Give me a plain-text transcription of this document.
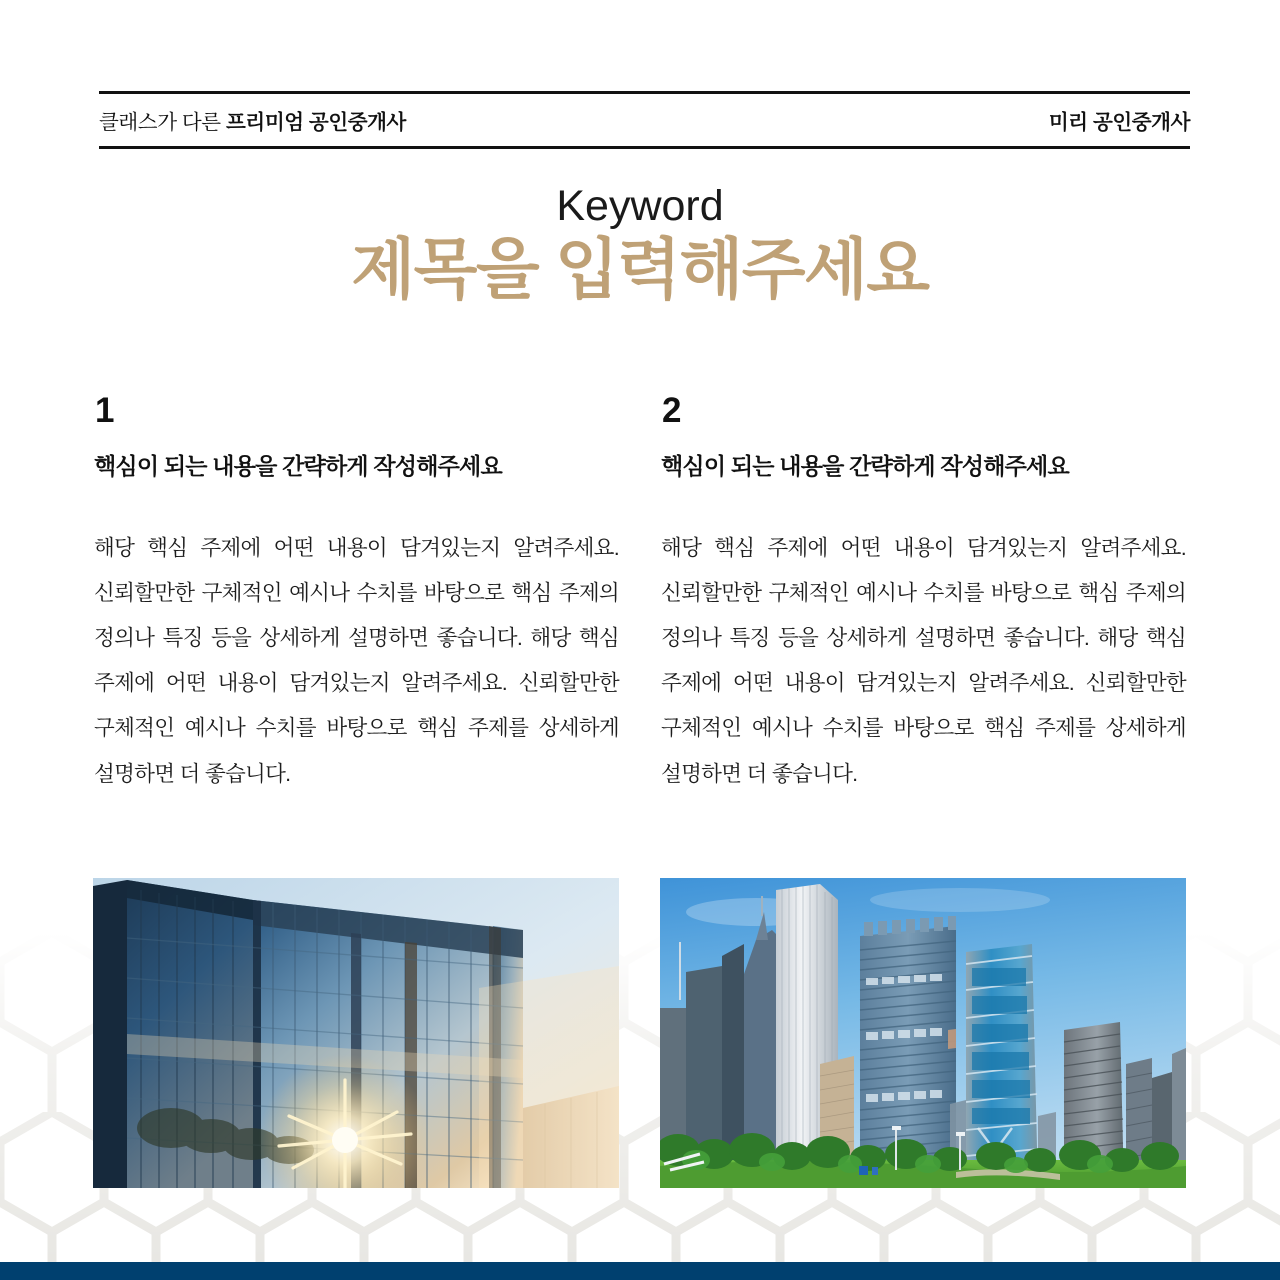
클래스가 다른 프리미엄 공인중개사	미리 공인중개사
Keyword
제목을 입력해주세요
1
핵심이 되는 내용을 간략하게 작성해주세요
해당 핵심 주제에 어떤 내용이 담겨있는지 알려주세요. 신뢰할만한 구체적인 예시나 수치를 바탕으로 핵심 주제의 정의나 특징 등을 상세하게 설명하면 좋습니다. 해당 핵심 주제에 어떤 내용이 담겨있는지 알려주세요. 신뢰할만한 구체적인 예시나 수치를 바탕으로 핵심 주제를 상세하게 설명하면 더 좋습니다.
2
핵심이 되는 내용을 간략하게 작성해주세요
해당 핵심 주제에 어떤 내용이 담겨있는지 알려주세요. 신뢰할만한 구체적인 예시나 수치를 바탕으로 핵심 주제의 정의나 특징 등을 상세하게 설명하면 좋습니다. 해당 핵심 주제에 어떤 내용이 담겨있는지 알려주세요. 신뢰할만한 구체적인 예시나 수치를 바탕으로 핵심 주제를 상세하게 설명하면 더 좋습니다.
